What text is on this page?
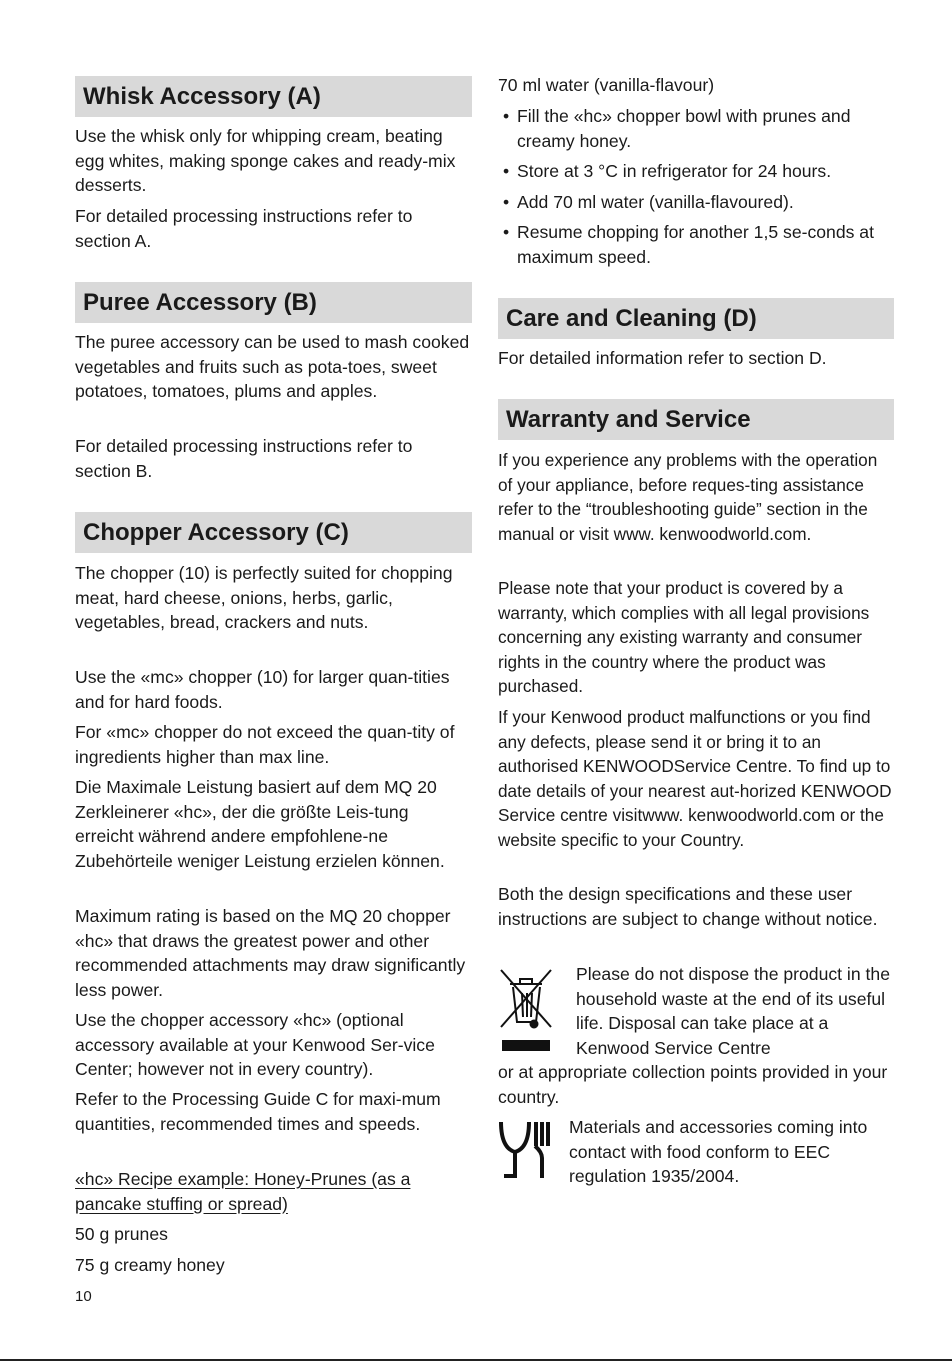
Whisk Accessory (A)

Use the whisk only for whipping cream, beating egg whites, making sponge cakes and ready-mix desserts.

For detailed processing instructions refer to section A.

Puree Accessory (B)

The puree accessory can be used to mash cooked vegetables and fruits such as pota-toes, sweet potatoes, tomatoes, plums and apples.

For detailed processing instructions refer to section B.

Chopper Accessory (C)

The chopper (10) is perfectly suited for chopping meat, hard cheese, onions, herbs, garlic, vegetables, bread, crackers and nuts.

Use the «mc» chopper (10) for larger quan-tities and for hard foods.

For «mc» chopper do not exceed the quan-tity of ingredients higher than max line.

Die Maximale Leistung basiert auf dem MQ 20 Zerkleinerer «hc», der die größte Leis-tung erreicht während andere empfohlene-ne Zubehörteile weniger Leistung erzielen können.

Maximum rating is based on the MQ 20 chopper «hc» that draws the greatest power and other recommended attachments may draw significantly less power.

Use the chopper accessory «hc» (optional accessory available at your Kenwood Ser-vice Center; however not in every country).

Refer to the Processing Guide C for maxi-mum quantities, recommended times and speeds.

«hc» Recipe example: Honey-Prunes (as a pancake stuffing or spread)

50 g prunes

75 g creamy honey

70 ml water (vanilla-flavour)

• Fill the «hc» chopper bowl with prunes and creamy honey.
• Store at 3 °C in refrigerator for 24 hours.
• Add 70 ml water (vanilla-flavoured).
• Resume chopping for another 1,5 se-conds at maximum speed.
Care and Cleaning (D)

For detailed information refer to section D.

Warranty and Service

If you experience any problems with the operation of your appliance, before reques-ting assistance refer to the “troubleshooting guide” section in the manual or visit www. kenwoodworld.com.

Please note that your product is covered by a warranty, which complies with all legal provisions concerning any existing warranty and consumer rights in the country where the product was purchased.

If your Kenwood product malfunctions or you find any defects, please send it or bring it to an authorised KENWOODService Centre. To find up to date details of your nearest aut-horized KENWOOD Service centre visitwww. kenwoodworld.com or the website specific to your Country.

Both the design specifications and these user instructions are subject to change without notice.

Please do not dispose the product in the household waste at the end of its useful life. Disposal can take place at a Kenwood Service Centre

or at appropriate collection points provided in your country.

Materials and accessories coming into contact with food conform to EEC regulation 1935/2004.

10
